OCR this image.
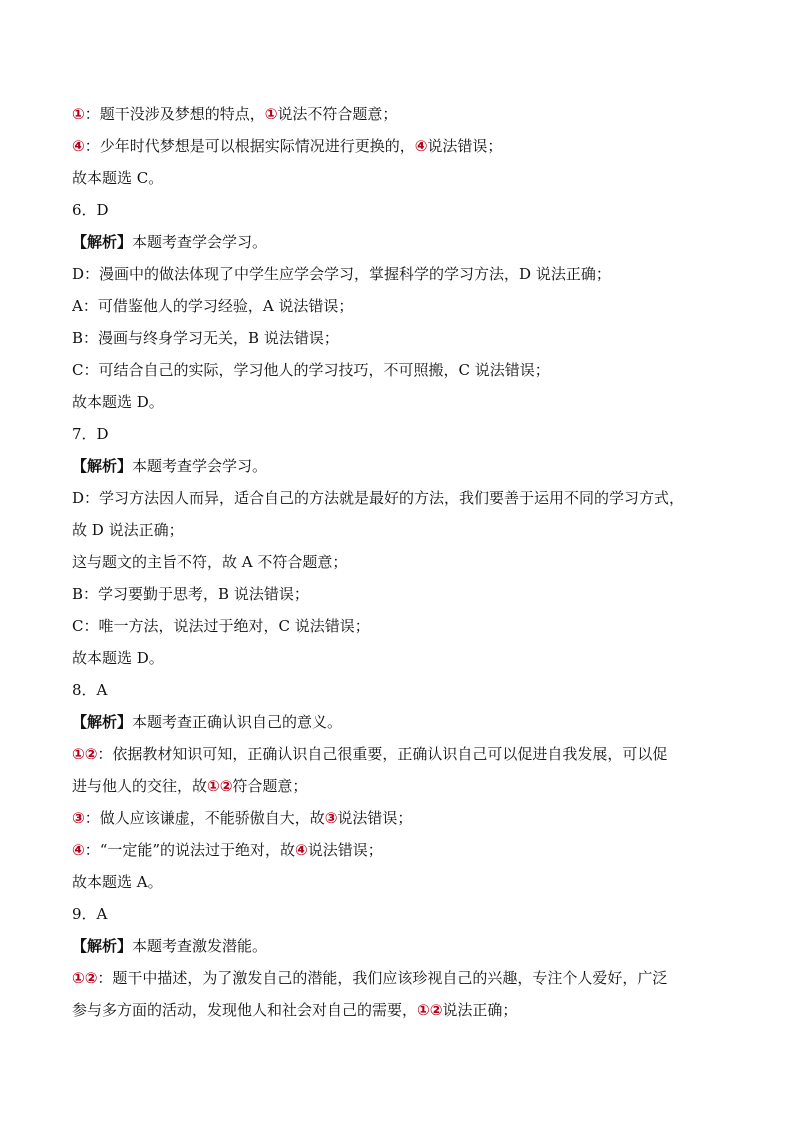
①：题干没涉及梦想的特点，①说法不符合题意；
④：少年时代梦想是可以根据实际情况进行更换的，④说法错误；
故本题选 C。
6．D
【解析】本题考查学会学习。
D：漫画中的做法体现了中学生应学会学习，掌握科学的学习方法，D 说法正确；
A：可借鉴他人的学习经验，A 说法错误；
B：漫画与终身学习无关，B 说法错误；
C：可结合自己的实际，学习他人的学习技巧，不可照搬，C 说法错误；
故本题选 D。
7．D
【解析】本题考查学会学习。
D：学习方法因人而异，适合自己的方法就是最好的方法，我们要善于运用不同的学习方式，
故 D 说法正确；
这与题文的主旨不符，故 A 不符合题意；
B：学习要勤于思考，B 说法错误；
C：唯一方法，说法过于绝对，C 说法错误；
故本题选 D。
8．A
【解析】本题考查正确认识自己的意义。
①②：依据教材知识可知，正确认识自己很重要，正确认识自己可以促进自我发展，可以促
进与他人的交往，故①②符合题意；
③：做人应该谦虚，不能骄傲自大，故③说法错误；
④：“一定能”的说法过于绝对，故④说法错误；
故本题选 A。
9．A
【解析】本题考查激发潜能。
①②：题干中描述，为了激发自己的潜能，我们应该珍视自己的兴趣，专注个人爱好，广泛
参与多方面的活动，发现他人和社会对自己的需要，①②说法正确；
